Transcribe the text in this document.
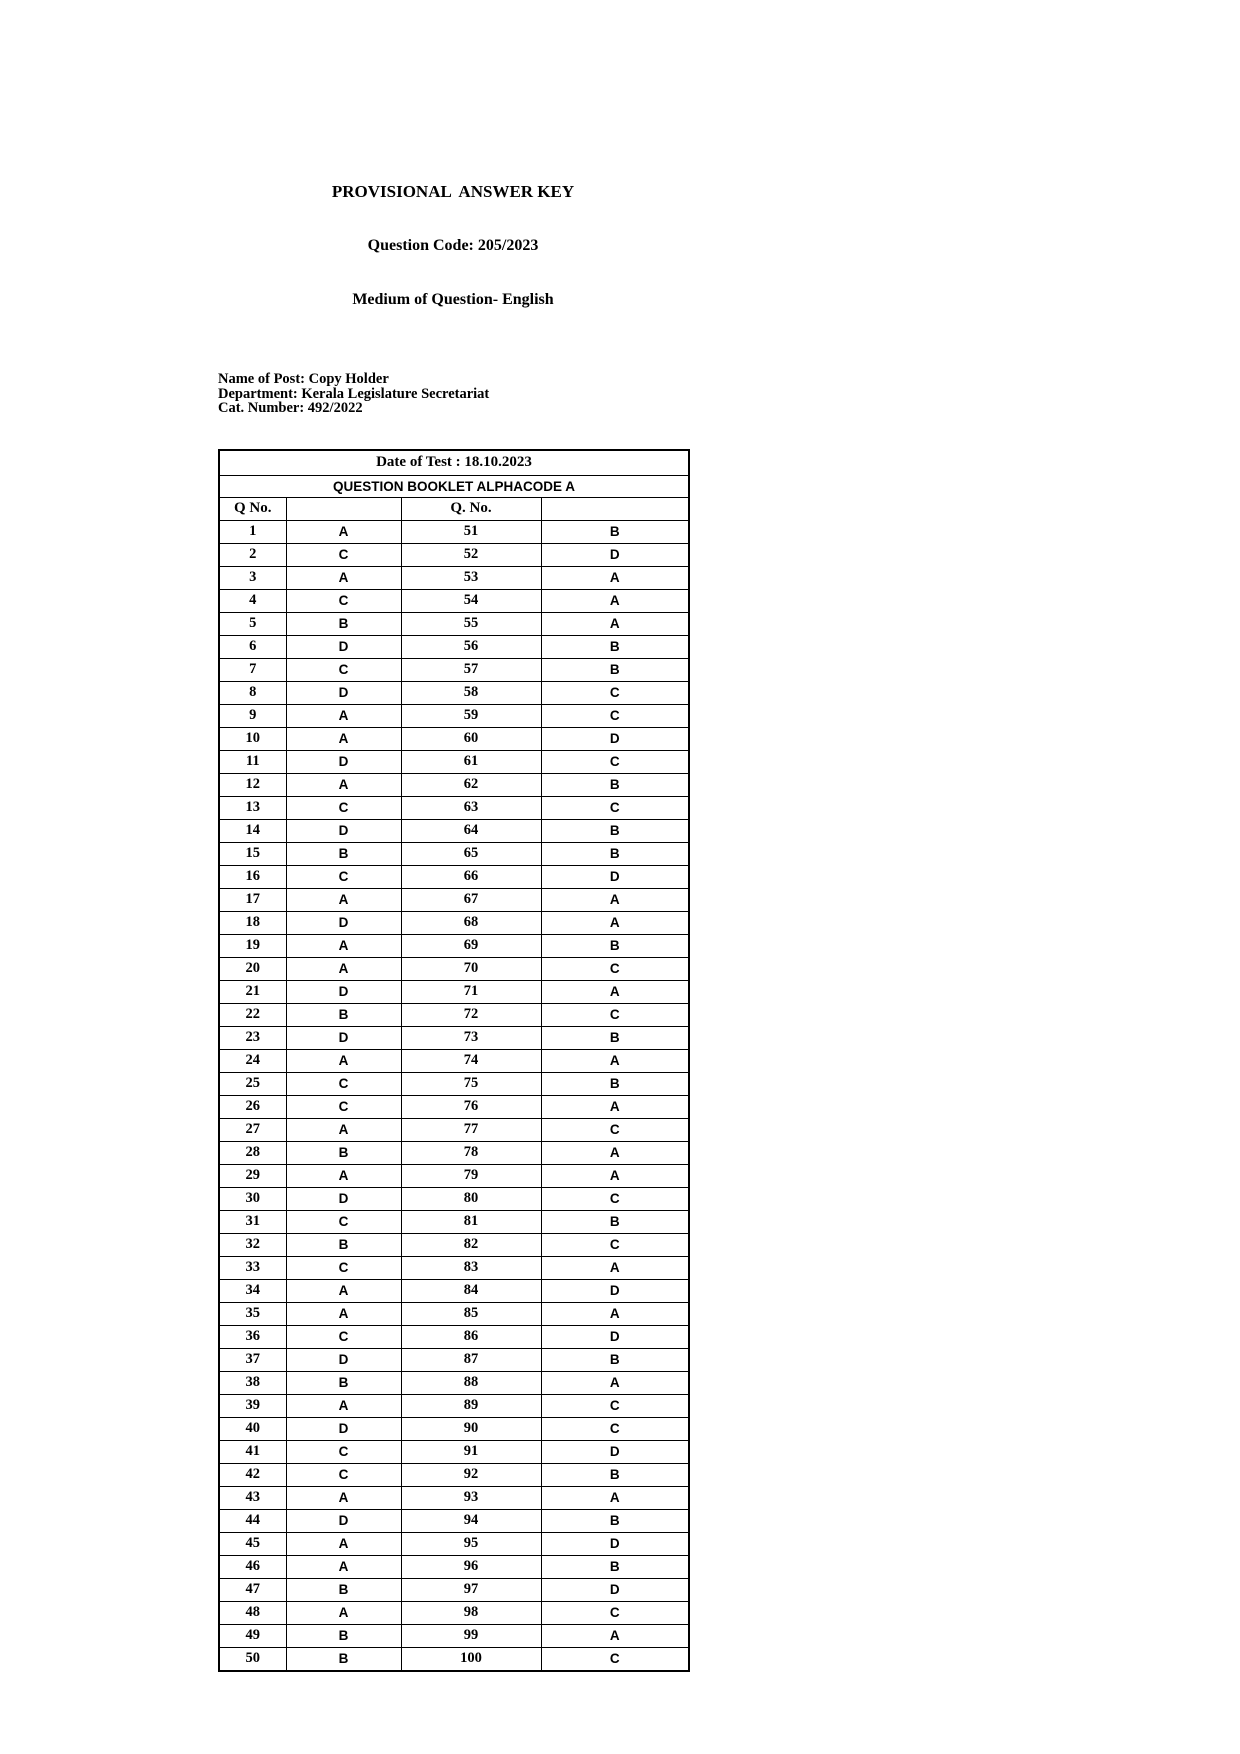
PROVISIONAL  ANSWER KEY

Question Code: 205/2023

Medium of Question- English

Name of Post: Copy Holder
Department: Kerala Legislature Secretariat
Cat. Number: 492/2022
Date of Test : 18.10.2023			
QUESTION BOOKLET ALPHACODE A			
Q No.		Q. No.	
1	A	51	B
2	C	52	D
3	A	53	A
4	C	54	A
5	B	55	A
6	D	56	B
7	C	57	B
8	D	58	C
9	A	59	C
10	A	60	D
11	D	61	C
12	A	62	B
13	C	63	C
14	D	64	B
15	B	65	B
16	C	66	D
17	A	67	A
18	D	68	A
19	A	69	B
20	A	70	C
21	D	71	A
22	B	72	C
23	D	73	B
24	A	74	A
25	C	75	B
26	C	76	A
27	A	77	C
28	B	78	A
29	A	79	A
30	D	80	C
31	C	81	B
32	B	82	C
33	C	83	A
34	A	84	D
35	A	85	A
36	C	86	D
37	D	87	B
38	B	88	A
39	A	89	C
40	D	90	C
41	C	91	D
42	C	92	B
43	A	93	A
44	D	94	B
45	A	95	D
46	A	96	B
47	B	97	D
48	A	98	C
49	B	99	A
50	B	100	C
